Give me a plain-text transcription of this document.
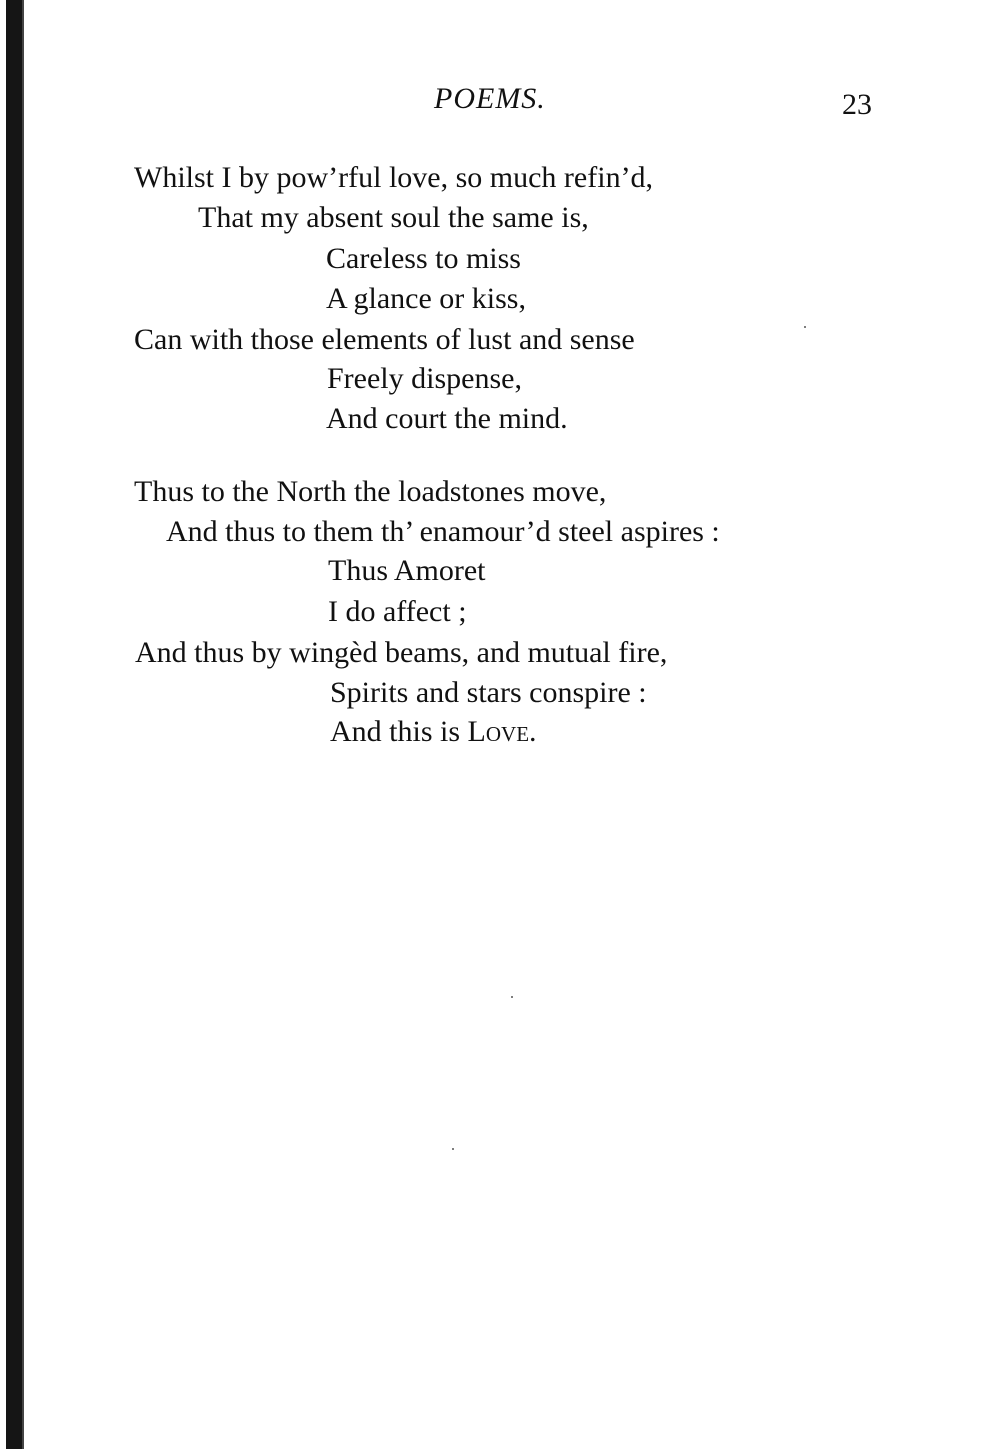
POEMS.	23
Whilst I by pow’rful love, so much refin’d,
That my absent soul the same is,
Careless to miss
A glance or kiss,
Can with those elements of lust and sense
Freely dispense,
And court the mind.
Thus to the North the loadstones move,
And thus to them th’ enamour’d steel aspires :
Thus Amoret
I do affect ;
And thus by wingèd beams, and mutual fire,
Spirits and stars conspire :
And this is Love.
